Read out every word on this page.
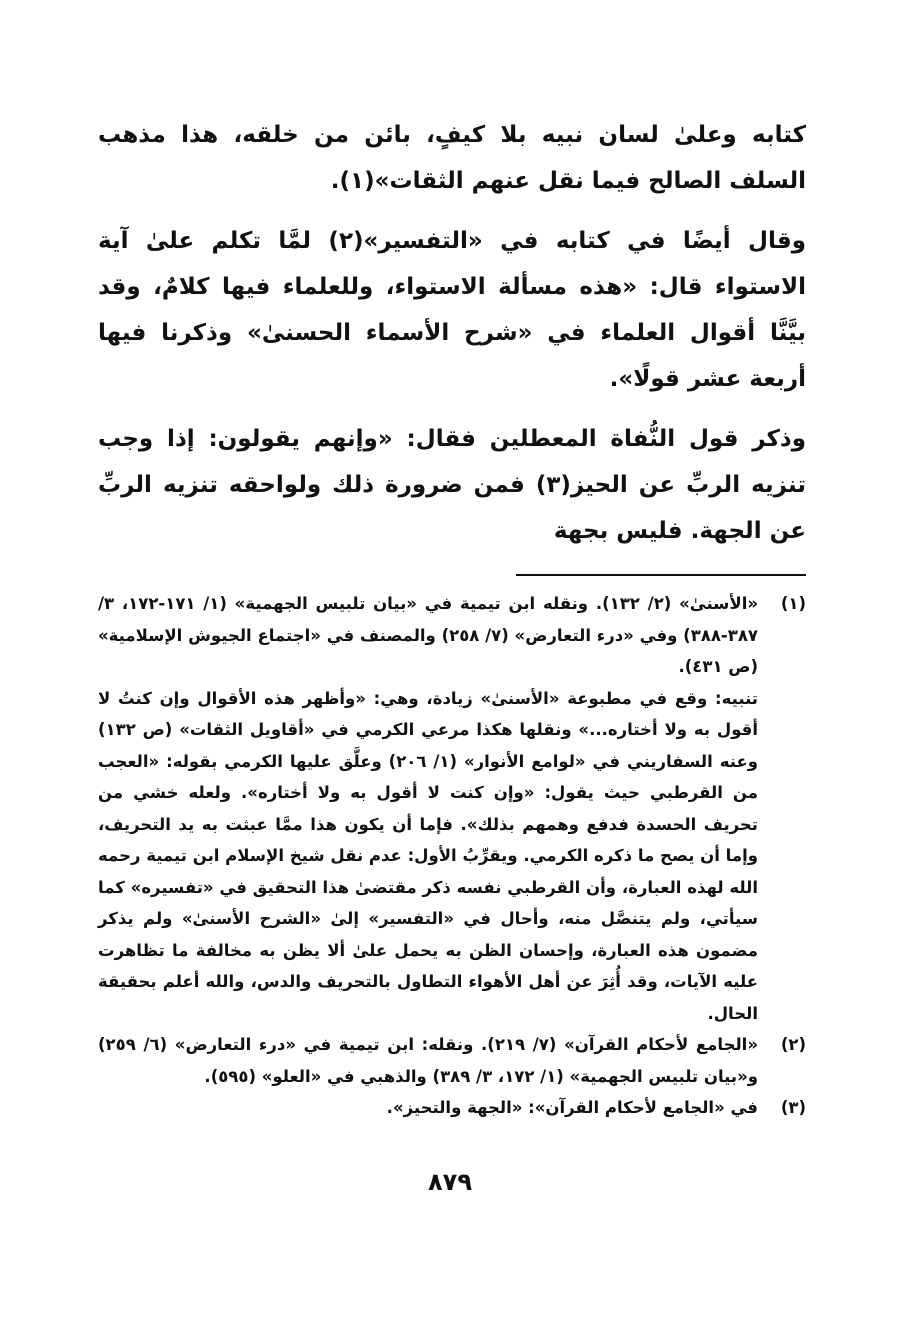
كتابه وعلىٰ لسان نبيه بلا كيفٍ، بائن من خلقه، هذا مذهب السلف الصالح فيما نقل عنهم الثقات»(١).

وقال أيضًا في كتابه في «التفسير»(٢) لمَّا تكلم علىٰ آية الاستواء قال: «هذه مسألة الاستواء، وللعلماء فيها كلامٌ، وقد بيَّنَّا أقوال العلماء في «شرح الأسماء الحسنىٰ» وذكرنا فيها أربعة عشر قولًا».

وذكر قول النُّفاة المعطلين فقال: «وإنهم يقولون: إذا وجب تنزيه الربِّ عن الحيز(٣) فمن ضرورة ذلك ولواحقه تنزيه الربِّ عن الجهة. فليس بجهة

(١)

«الأسنىٰ» (٢/ ١٣٢). ونقله ابن تيمية في «بيان تلبيس الجهمية» (١/ ١٧١-١٧٢، ٣/ ٣٨٧-٣٨٨) وفي «درء التعارض» (٧/ ٢٥٨) والمصنف في «اجتماع الجيوش الإسلامية» (ص ٤٣١).

تنبيه: وقع في مطبوعة «الأسنىٰ» زيادة، وهي: «وأظهر هذه الأقوال وإن كنتُ لا أقول به ولا أختاره...» ونقلها هكذا مرعي الكرمي في «أقاويل الثقات» (ص ١٣٢) وعنه السفاريني في «لوامع الأنوار» (١/ ٢٠٦) وعلَّق عليها الكرمي بقوله: «العجب من القرطبي حيث يقول: «وإن كنت لا أقول به ولا أختاره». ولعله خشي من تحريف الحسدة فدفع وهمهم بذلك». فإما أن يكون هذا ممَّا عبثت به يد التحريف، وإما أن يصح ما ذكره الكرمي. ويقرِّبُ الأول: عدم نقل شيخ الإسلام ابن تيمية رحمه الله لهذه العبارة، وأن القرطبي نفسه ذكر مقتضىٰ هذا التحقيق في «تفسيره» كما سيأتي، ولم يتنصَّل منه، وأحال في «التفسير» إلىٰ «الشرح الأسنىٰ» ولم يذكر مضمون هذه العبارة، وإحسان الظن به يحمل علىٰ ألا يظن به مخالفة ما تظاهرت عليه الآيات، وقد أُثِرَ عن أهل الأهواء التطاول بالتحريف والدس، والله أعلم بحقيقة الحال.

(٢)

«الجامع لأحكام القرآن» (٧/ ٢١٩). ونقله: ابن تيمية في «درء التعارض» (٦/ ٢٥٩) و«بيان تلبيس الجهمية» (١/ ١٧٢، ٣/ ٣٨٩) والذهبي في «العلو» (٥٩٥).

(٣)

في «الجامع لأحكام القرآن»: «الجهة والتحيز».

٨٧٩
